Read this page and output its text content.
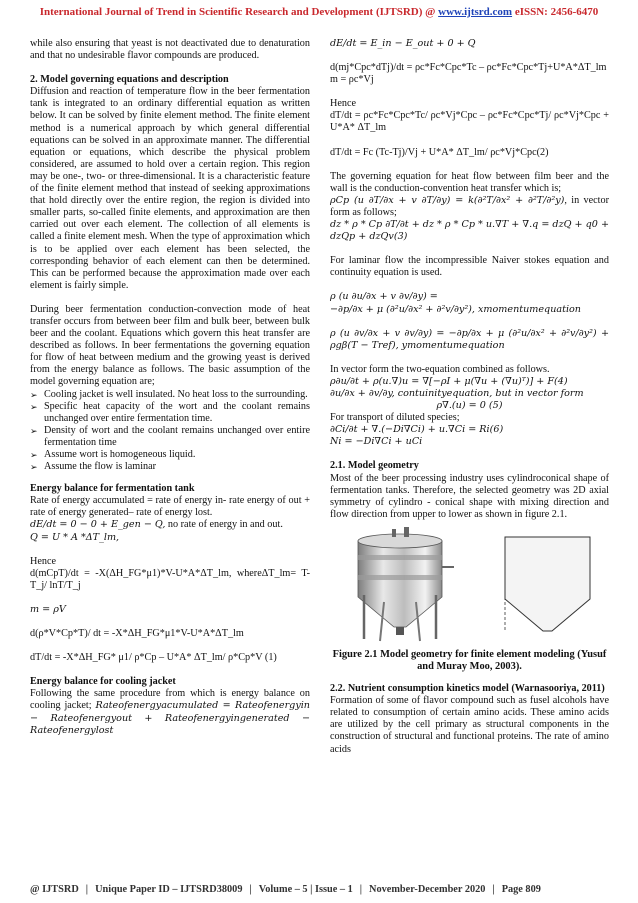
International Journal of Trend in Scientific Research and Development (IJTSRD) @ www.ijtsrd.com eISSN: 2456-6470

while also ensuring that yeast is not deactivated due to denaturation and that no undesirable flavor compounds are produced.

2. Model governing equations and description

Diffusion and reaction of temperature flow in the beer fermentation tank is integrated to an ordinary differential equation as written below. It can be solved by finite element method. The finite element method is a numerical approach by which general differential equations can be solved in an approximate manner. The differential equation or equations, which describe the physical problem considered, are assumed to hold over a certain region. This region may be one-, two- or three-dimensional. It is a characteristic feature of the finite element method that instead of seeking approximations that hold directly over the entire region, the region is divided into smaller parts, so-called finite elements, and approximation are then carried out over each element. The collection of all elements is called a finite element mesh. When the type of approximation which is to be applied over each element has been selected, the corresponding behavior of each element can then be determined. This can be performed because the approximation made over each element is fairly simple.

During beer fermentation conduction-convection mode of heat transfer occurs from between beer film and bulk beer, between bulk beer and the coolant. Equations which govern this heat transfer are described as follows. In beer fermentations the governing equation for flow of heat between medium and the growing yeast is derived from the energy balance as follows. The basic assumption of the model governing equation are;

➢ Cooling jacket is well insulated. No heat loss to the surrounding.

➢ Specific heat capacity of the wort and the coolant remains unchanged over entire fermentation time.

➢ Density of wort and the coolant remains unchanged over entire fermentation time

➢ Assume wort is homogeneous liquid.

➢ Assume the flow is laminar

Energy balance for fermentation tank

Rate of energy accumulated = rate of energy in- rate energy of out + rate of energy generated– rate of energy lost.

dE/dt = 0 − 0 + E_gen − Q, no rate of energy in and out.

Q = U * A *ΔT_lm,

Hence

d(mCpT)/dt = -X(ΔH_FG*μ1)*V-U*A*ΔT_lm, whereΔT_lm= T-T_j/ lnT/T_j

m = ρV

d(ρ*V*Cp*T)/ dt = -X*ΔH_FG*μ1*V-U*A*ΔT_lm

dT/dt = -X*ΔH_FG* μ1/ ρ*Cp – U*A* ΔT_lm/ ρ*Cp*V (1)

Energy balance for cooling jacket

Following the same procedure from which is energy balance on cooling jacket; Rateofenergyacumulated = Rateofenergyin − Rateofenergyout + Rateofenergyingenerated − Rateofenergylost

dE/dt = E_in − E_out + 0 + Q

d(mj*Cpc*dTj)/dt = ρc*Fc*Cpc*Tc – ρc*Fc*Cpc*Tj+U*A*ΔT_lm

m = ρc*Vj

Hence

dT/dt = ρc*Fc*Cpc*Tc/ ρc*Vj*Cpc – ρc*Fc*Cpc*Tj/ ρc*Vj*Cpc + U*A* ΔT_lm

dT/dt = Fc (Tc-Tj)/Vj + U*A* ΔT_lm/ ρc*Vj*Cpc(2)

The governing equation for heat flow between film beer and the wall is the conduction-convention heat transfer which is;

ρCp (u ∂T/∂x + v ∂T/∂y) = k(∂²T/∂x² + ∂²T/∂²y), in vector form as follows;

dz * ρ * Cp ∂T/∂t + dz * ρ * Cp * u.∇T + ∇.q = dzQ + q0 + dzQp + dzQv(3)

For laminar flow the incompressible Naiver stokes equation and continuity equation is used.

ρ (u ∂u/∂x + v ∂v/∂y) =

−∂p/∂x + μ (∂²u/∂x² + ∂²v/∂y²), xmomentumequation

ρ (u ∂v/∂x + v ∂v/∂y) = −∂p/∂x + μ (∂²u/∂x² + ∂²v/∂y²) + ρgβ(T − Tref), ymomentumequation

In vector form the two-equation combined as follows.

ρ∂u/∂t + ρ(u.∇)u = ∇[−ρI + μ(∇u + (∇u)ᵀ)] + F(4)

∂u/∂x + ∂v/∂y, contuinityequation, but in vector form

ρ∇.(u) = 0 (5)

For transport of diluted species;

∂Ci/∂t + ∇.(−Di∇Ci) + u.∇Ci = Ri(6)

Ni = −Di∇Ci + uCi

2.1. Model geometry

Most of the beer processing industry uses cylindroconical shape of fermentation tanks. Therefore, the selected geometry was 2D axial symmetry of cylindro - conical shape with mixing direction and flow direction from upper to lower as shown in figure 2.1.

Figure 2.1 Model geometry for finite element modeling (Yusuf and Muray Moo, 2003).

2.2. Nutrient consumption kinetics model (Warnasooriya, 2011)

Formation of some of flavor compound such as fusel alcohols have related to consumption of certain amino acids. These amino acids are utilized by the cell primary as structural components in the construction of structural and functional proteins. The rate of amino acids

@ IJTSRD | Unique Paper ID – IJTSRD38009 | Volume – 5 | Issue – 1 | November-December 2020 | Page 809
